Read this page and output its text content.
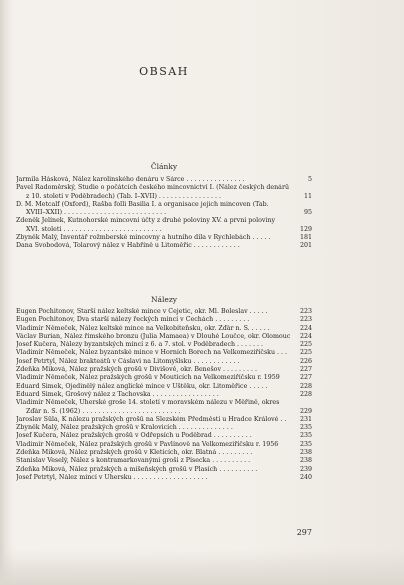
OBSAH
Články
Jarmila Hásková, Nález karolinského denáru v Šárce . . . . . . . . . . . . . . .	5
Pavel Radoměrský, Studie o počátcích českého mincovnictví I. (Nález českých denárů
z 10. století v Poděbradech) (Tab. I–XVII) . . . . . . . . . . . . . . . .	11
D. M. Metcalf (Oxford), Rašba folli Basilia I. a organisace jejich mincoven (Tab.
XVIII–XXII) . . . . . . . . . . . . . . . . . . . . . . . . . .	95
Zdeněk Jelínek, Kutnohorské mincovní účty z druhé poloviny XV. a první poloviny
XVI. století . . . . . . . . . . . . . . . . . . . . . . . . .	129
Zbyněk Malý, Inventář rožmberské mincovny a hutního díla v Rychlebách . . . . .	181
Dana Svobodová, Tolarový nález v Habříně u Litoměřic . . . . . . . . . . . .	201
Nálezy
Eugen Pochitonov, Starší nález keltské mince v Čejetic, okr. Ml. Boleslav . . . . .	223
Eugen Pochitonov, Dva starší nálezy řeckých mincí v Čechách . . . . . . . . .	223
Vladimír Němeček, Nález keltské mince na Velkobíteňsku, okr. Žďár n. S. . . . . .	224
Václav Burian, Nález římského bronzu (Julia Mamaea) v Dlouhé Loučce, okr. Olomouc	224
Josef Kučera, Nálezy byzantských mincí z 6. a 7. stol. v Poděbradech . . . . . . .	225
Vladimír Němeček, Nález byzantské mince v Horních Borech na Velkomeziříčsku . . .	225
Josef Petrtyl, Nález brakteátů v Čáslavi na Litomyšlsku . . . . . . . . . . . .	226
Zdeňka Miková, Nález pražských grošů v Divišově, okr. Benešov . . . . . . . . .	227
Vladimír Němeček, Nález pražských grošů v Moutících na Velkomeziříčsku r. 1959	227
Eduard Šimek, Ojedinělý nález anglické mince v Úštěku, okr. Litoměřice . . . . .	228
Eduard Šimek, Grošový nález z Tachovska . . . . . . . . . . . . . . . . .	228
Vladimír Němeček, Uherské groše 14. století v moravském nálezu v Měřině, okres
Žďár n. S. (1962) . . . . . . . . . . . . . . . . . . . . . . . . .	229
Jaroslav Šůla, K nálezu pražských grošů na Slezském Předměstí u Hradce Králové . .	231
Zbyněk Malý, Nález pražských grošů v Kralovicích . . . . . . . . . . . . . .	235
Josef Kučera, Nález pražských grošů v Odřepsích u Poděbrad . . . . . . . . . .	235
Vladimír Němeček, Nález pražských grošů v Pavlínově na Velkomeziříčsku r. 1956	235
Zdeňka Miková, Nález pražských grošů v Kleticích, okr. Blatná . . . . . . . . .	238
Stanislav Veselý, Nález s kontramarkovanými groši z Písecka . . . . . . . . . .	238
Zdeňka Miková, Nález pražských a míšeňských grošů v Plasích . . . . . . . . . .	239
Josef Petrtyl, Nález mincí v Uhersku . . . . . . . . . . . . . . . . . . .	240
297
